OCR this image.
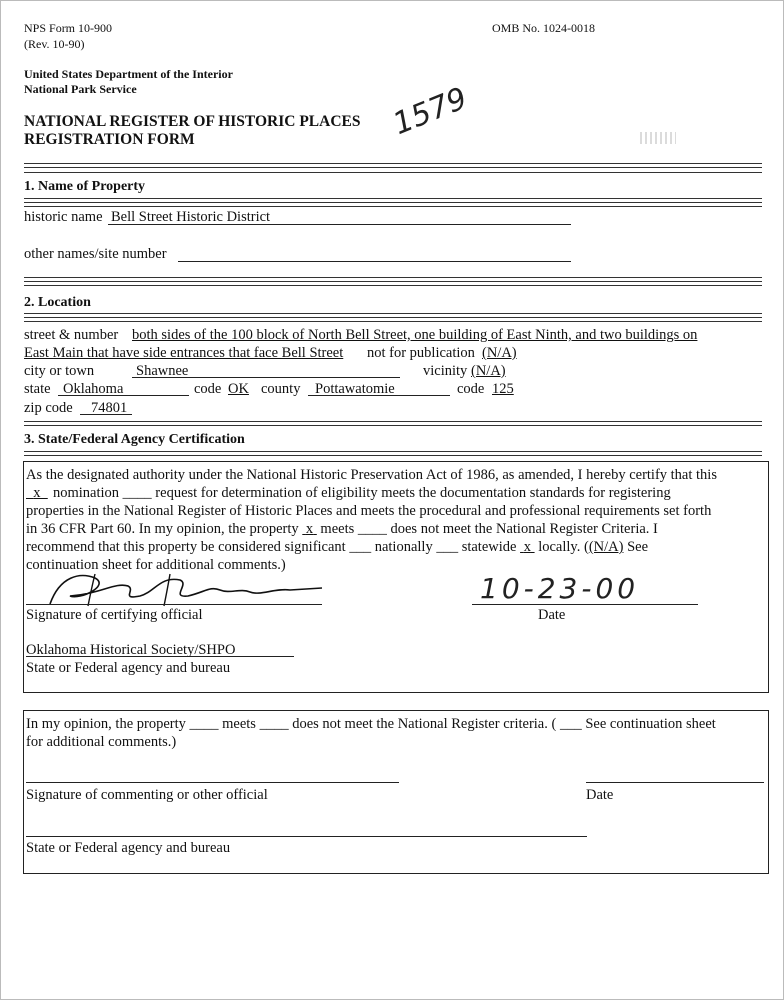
NPS Form 10-900
(Rev. 10-90)
OMB No. 1024-0018
United States Department of the Interior
National Park Service
NATIONAL REGISTER OF HISTORIC PLACES
REGISTRATION FORM	1579
1. Name of Property
historic name Bell Street Historic District
other names/site number
2. Location
street & number both sides of the 100 block of North Bell Street, one building of East Ninth, and two buildings on
East Main that have side entrances that face Bell Street not for publication (N/A)
city or town	Shawnee	vicinity (N/A)
state Oklahoma	code OK county Pottawatomie	code 125
zip code 74801
3. State/Federal Agency Certification
As the designated authority under the National Historic Preservation Act of 1986, as amended, I hereby certify that this
x nomination ____ request for determination of eligibility meets the documentation standards for registering
properties in the National Register of Historic Places and meets the procedural and professional requirements set forth
in 36 CFR Part 60. In my opinion, the property x meets ____ does not meet the National Register Criteria. I
recommend that this property be considered significant ___ nationally ___ statewide x locally. ((N/A) See
continuation sheet for additional comments.)
Signature of certifying official
10-23-00
Date
Oklahoma Historical Society/SHPO
State or Federal agency and bureau
In my opinion, the property ____ meets ____ does not meet the National Register criteria. ( ___ See continuation sheet
for additional comments.)
Signature of commenting or other official	Date
State or Federal agency and bureau
